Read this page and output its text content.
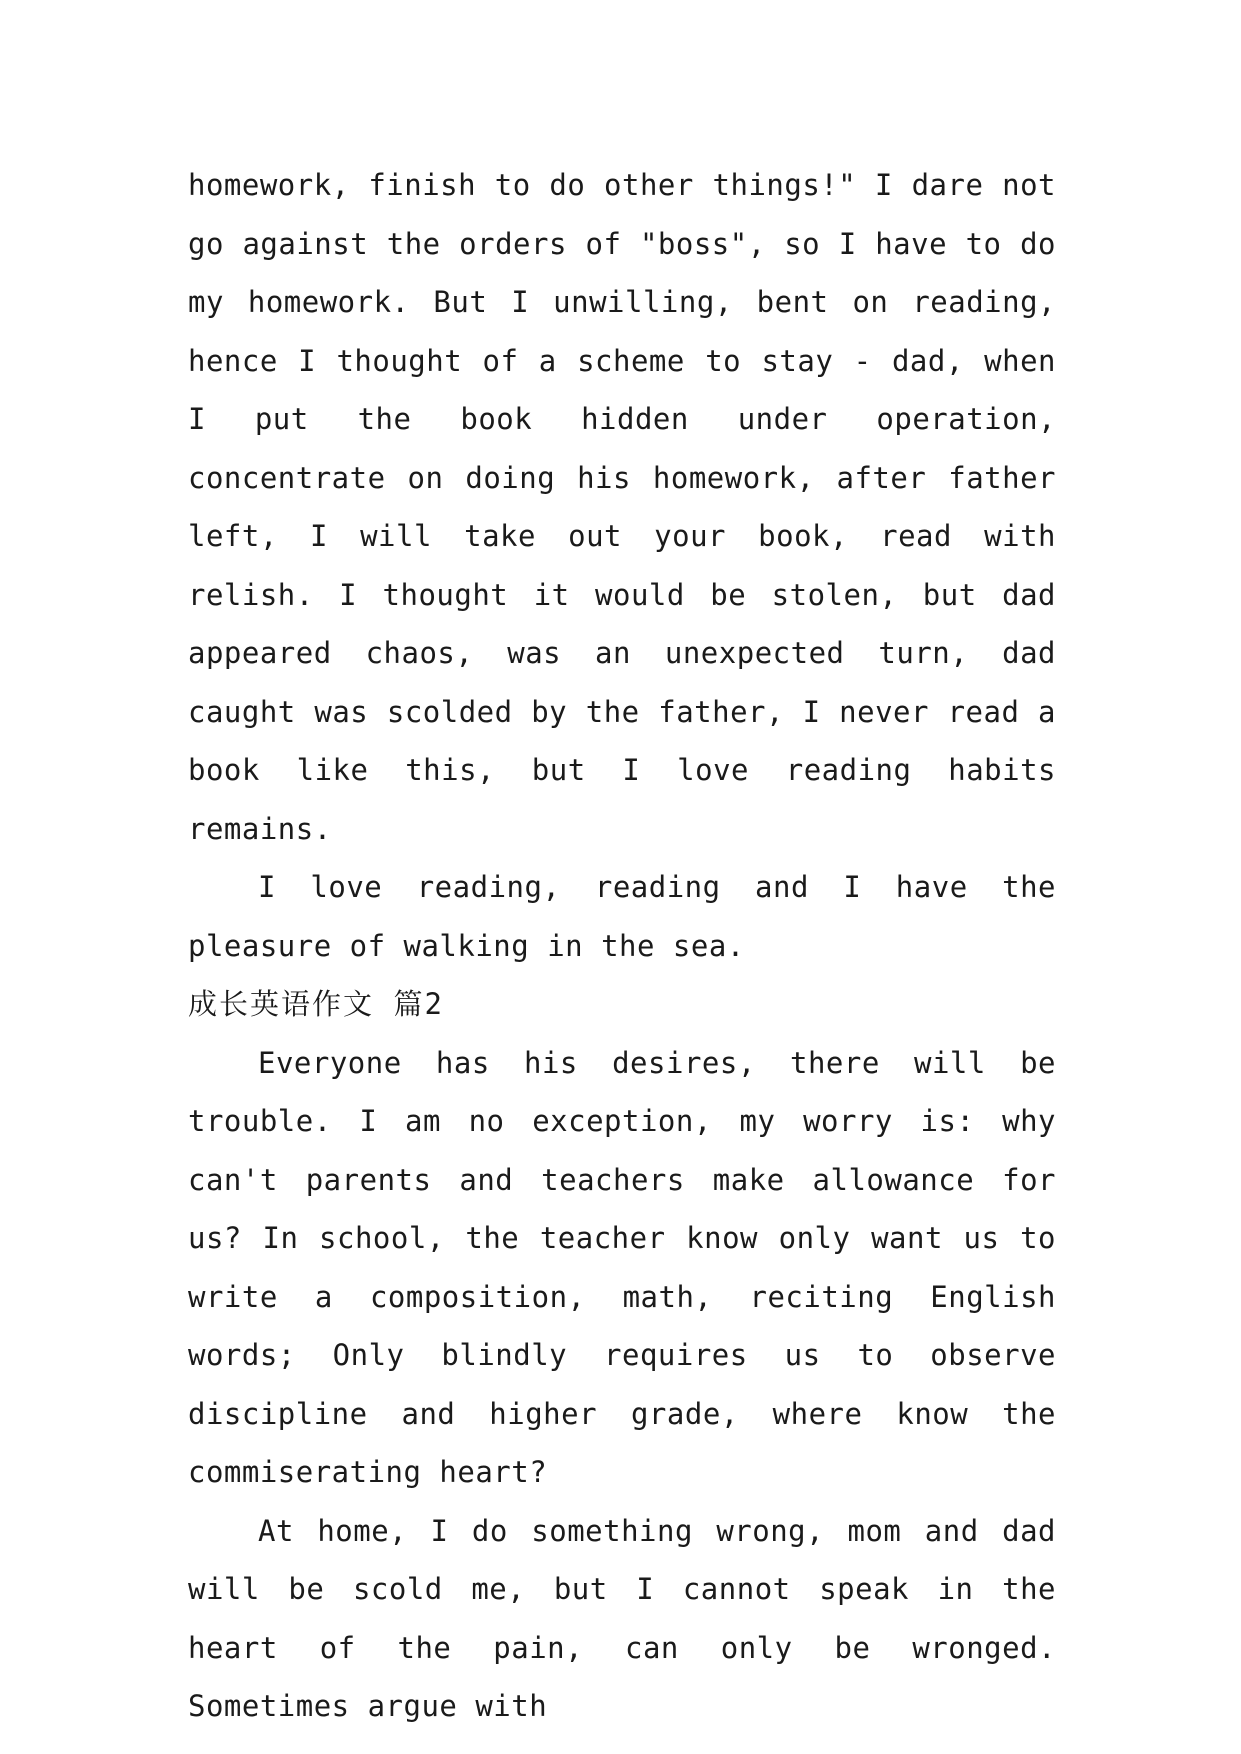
homework, finish to do other things!" I dare not go against the orders of "boss", so I have to do my homework. But I unwilling, bent on reading, hence I thought of a scheme to stay - dad, when I put the book hidden under operation, concentrate on doing his homework, after father left, I will take out your book, read with relish. I thought it would be stolen, but dad appeared chaos, was an unexpected turn, dad caught was scolded by the father, I never read a book like this, but I love reading habits remains.

I love reading, reading and I have the pleasure of walking in the sea.

成长英语作文 篇2

Everyone has his desires, there will be trouble. I am no exception, my worry is: why can't parents and teachers make allowance for us? In school, the teacher know only want us to write a composition, math, reciting English words; Only blindly requires us to observe discipline and higher grade, where know the commiserating heart?

At home, I do something wrong, mom and dad will be scold me, but I cannot speak in the heart of the pain, can only be wronged. Sometimes argue with
